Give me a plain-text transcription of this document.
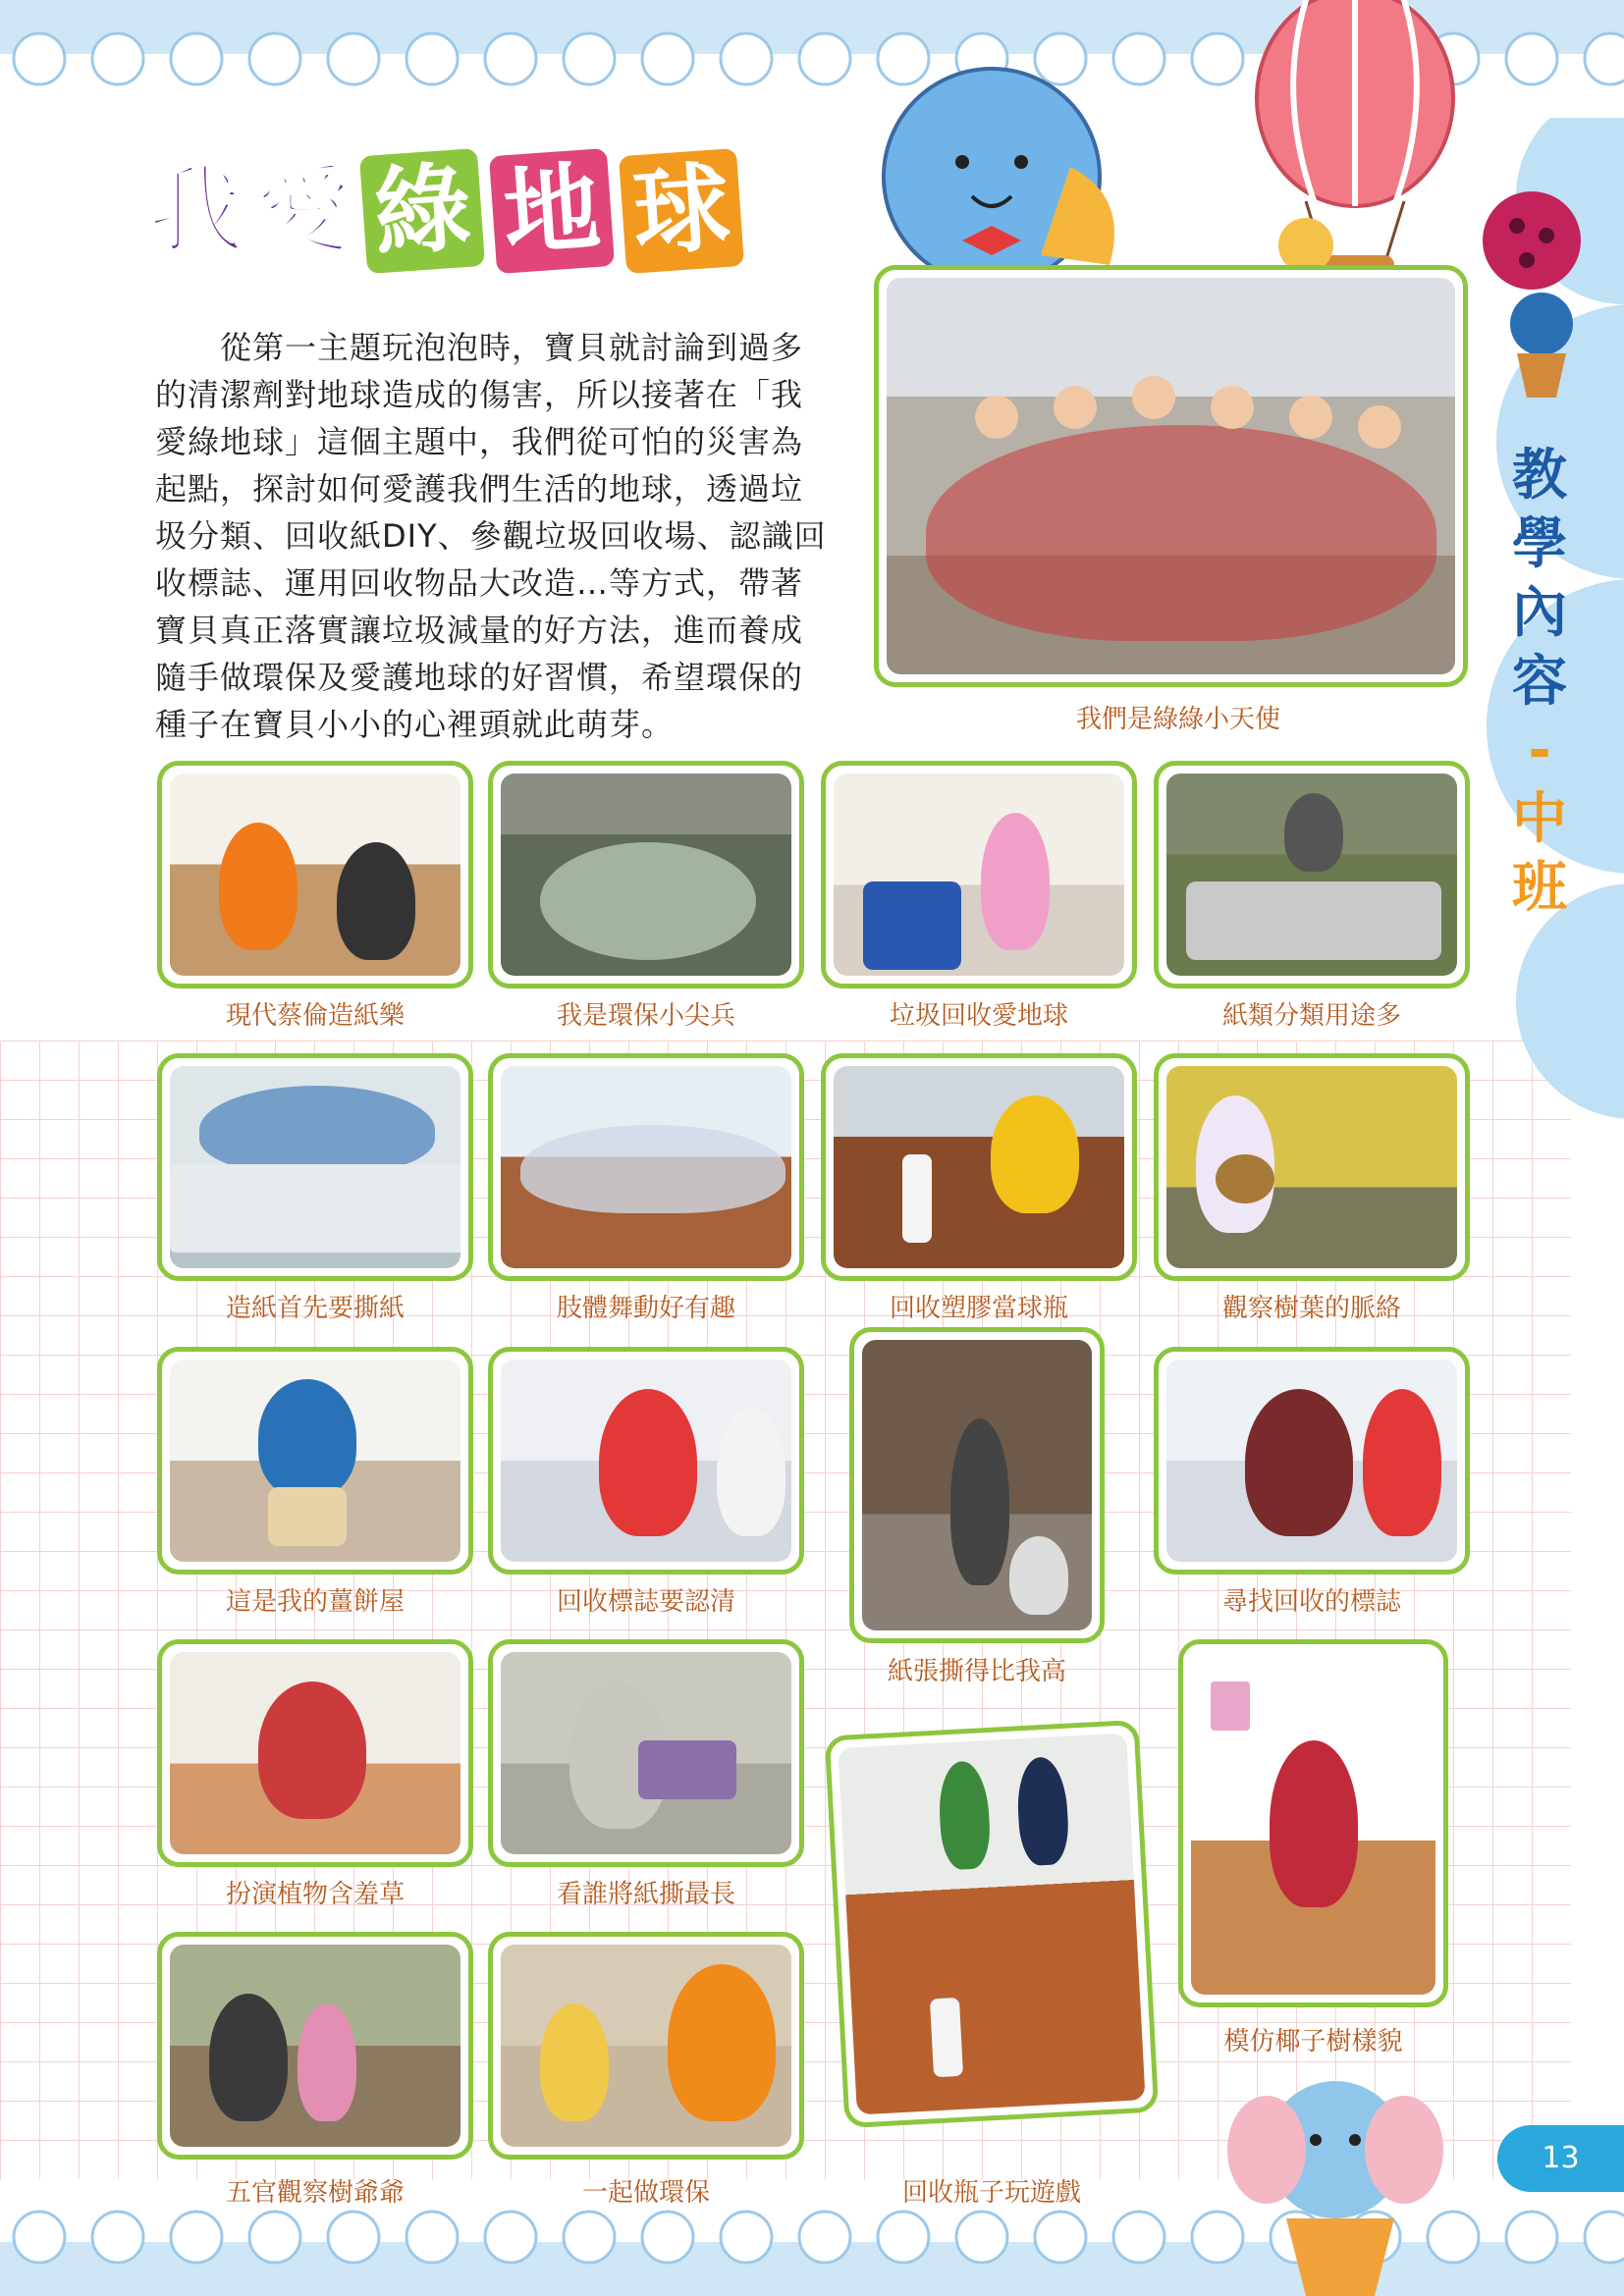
我 愛 綠 地 球

從第一主題玩泡泡時，寶貝就討論到過多的清潔劑對地球造成的傷害，所以接著在「我愛綠地球」這個主題中，我們從可怕的災害為起點，探討如何愛護我們生活的地球，透過垃圾分類、回收紙DIY、參觀垃圾回收場、認識回收標誌、運用回收物品大改造…等方式，帶著寶貝真正落實讓垃圾減量的好方法，進而養成隨手做環保及愛護地球的好習慣，希望環保的種子在寶貝小小的心裡頭就此萌芽。

教
學
內
容
-
中
班
我們是綠綠小天使
現代蔡倫造紙樂	我是環保小尖兵	垃圾回收愛地球	紙類分類用途多
造紙首先要撕紙	肢體舞動好有趣	回收塑膠當球瓶	觀察樹葉的脈絡
這是我的薑餅屋	回收標誌要認清
紙張撕得比我高
尋找回收的標誌
扮演植物含羞草	看誰將紙撕最長
回收瓶子玩遊戲
模仿椰子樹樣貌
五官觀察樹爺爺	一起做環保
13
